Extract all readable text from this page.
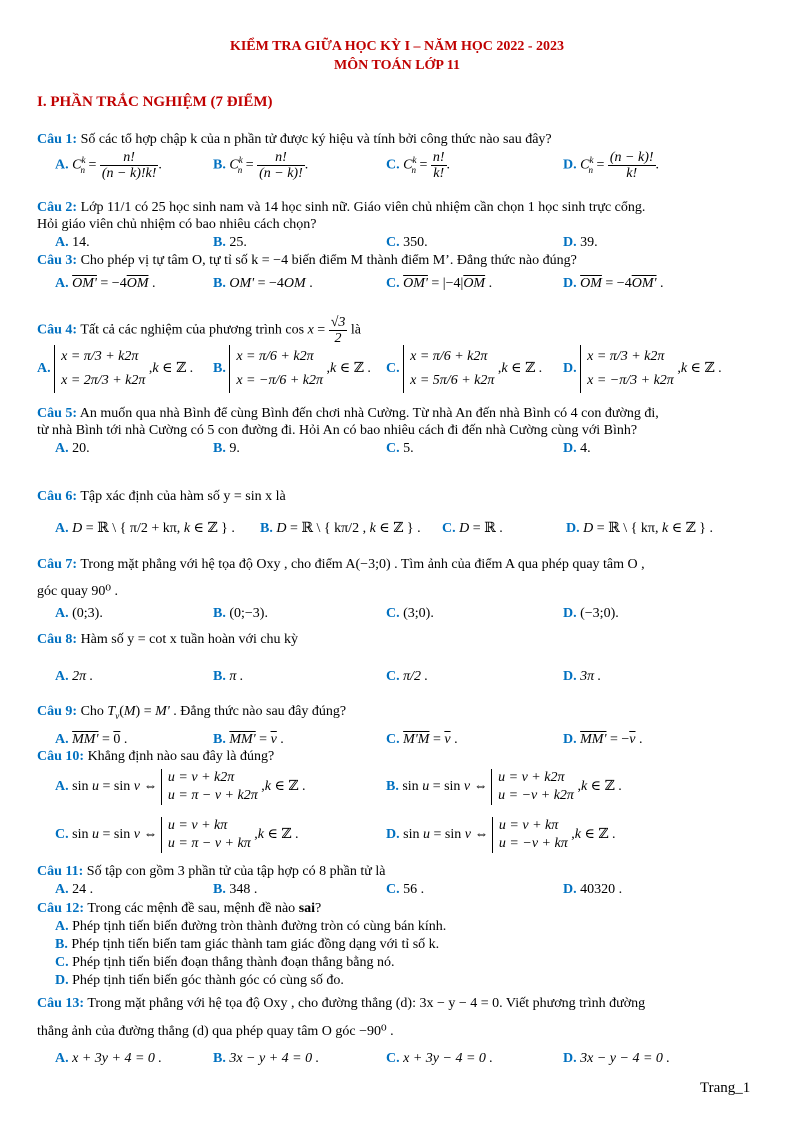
KIỂM TRA GIỮA HỌC KỲ I – NĂM HỌC 2022 - 2023
MÔN TOÁN LỚP 11
I. PHẦN TRẮC NGHIỆM (7 ĐIỂM)
Câu 1: Số các tổ hợp chập k của n phần tử được ký hiệu và tính bởi công thức nào sau đây?
A. $C^k_n = \frac{n!}{(n - k)!k!}$ .	B. $C^k_n = \frac{n!}{(n - k)!}$ .	C. $C^k_n = \frac{n!}{k!}$ .	D. $C^k_n = \frac{(n - k)!}{k!}$ .
Câu 2: Lớp 11/1 có 25 học sinh nam và 14 học sinh nữ. Giáo viên chủ nhiệm cần chọn 1 học sinh trực cổng.
Hỏi giáo viên chủ nhiệm có bao nhiêu cách chọn?
A. 14.	B. 25.	C. 350.	D. 39.
Câu 3: Cho phép vị tự tâm O, tự tỉ số k = −4 biến điểm M thành điểm M’. Đẳng thức nào đúng?
A. $OM' = -4\overline{OM}$ .	B. OM' = −4OM .	C. $OM' = |-4|\overline{OM}$ .	D. $\overline{OM} = -4OM'$ .
Câu 4: Tất cả các nghiệm của phương trình $\cos x = \frac{√3}{2}$ là
A.
x = π/3 + k2π
x = 2π/3 + k2π
,k ∈ ℤ . B.
x = π/6 + k2π
x = −π/6 + k2π
,k ∈ ℤ . C.
x = π/6 + k2π
x = 5π/6 + k2π
,k ∈ ℤ . D.
x = π/3 + k2π
x = −π/3 + k2π
,k ∈ ℤ .
Câu 5: An muốn qua nhà Bình để cùng Bình đến chơi nhà Cường. Từ nhà An đến nhà Bình có 4 con đường đi,
từ nhà Bình tới nhà Cường có 5 con đường đi. Hỏi An có bao nhiêu cách đi đến nhà Cường cùng với Bình?
A. 20.	B. 9.	C. 5.	D. 4.
Câu 6: Tập xác định của hàm số y = sin x là
A. D = ℝ \ { π/2 + kπ, k ∈ ℤ } . B. D = ℝ \ { kπ/2 , k ∈ ℤ } . C. D = ℝ .	D. D = ℝ \ { kπ, k ∈ ℤ } .
Câu 7: Trong mặt phẳng với hệ tọa độ Oxy , cho điểm A(−3;0) . Tìm ảnh của điểm A qua phép quay tâm O ,
góc quay 90⁰ .
A. (0;3).	B. (0;−3).	C. (3;0).	D. (−3;0).
Câu 8: Hàm số y = cot x tuần hoàn với chu kỳ
A. 2π .	B. π .	C. π/2 .	D. 3π .
Câu 9: Cho $T_v(M) = M'$ . Đẳng thức nào sau đây đúng?
A. MM' = 0 .	B. $MM' = \overline{v}$ .	C. $M'M = \overline{v}$ .	D. $MM' = -\overline{v}$ .
Câu 10: Khẳng định nào sau đây là đúng?
A. sin u = sin v ⇔
u = v + k2π
u = π − v + k2π
,k ∈ ℤ .	B. sin u = sin v ⇔
u = v + k2π
u = −v + k2π
,k ∈ ℤ .
C. sin u = sin v ⇔
u = v + kπ
u = π − v + kπ
,k ∈ ℤ .	D. sin u = sin v ⇔
u = v + kπ
u = −v + kπ
,k ∈ ℤ .
Câu 11: Số tập con gồm 3 phần tử của tập hợp có 8 phần tử là
A. 24 .	B. 348 .	C. 56 .	D. 40320 .
Câu 12: Trong các mệnh đề sau, mệnh đề nào sai?
A. Phép tịnh tiến biến đường tròn thành đường tròn có cùng bán kính.
B. Phép tịnh tiến biến tam giác thành tam giác đồng dạng với tỉ số k.
C. Phép tịnh tiến biến đoạn thẳng thành đoạn thẳng bằng nó.
D. Phép tịnh tiến biến góc thành góc có cùng số đo.
Câu 13: Trong mặt phẳng với hệ tọa độ Oxy , cho đường thẳng (d): 3x − y − 4 = 0. Viết phương trình đường
thẳng ảnh của đường thẳng (d) qua phép quay tâm O góc −90⁰ .
A. x + 3y + 4 = 0 .	B. 3x − y + 4 = 0 .	C. x + 3y − 4 = 0 .	D. 3x − y − 4 = 0 .
Trang_1
